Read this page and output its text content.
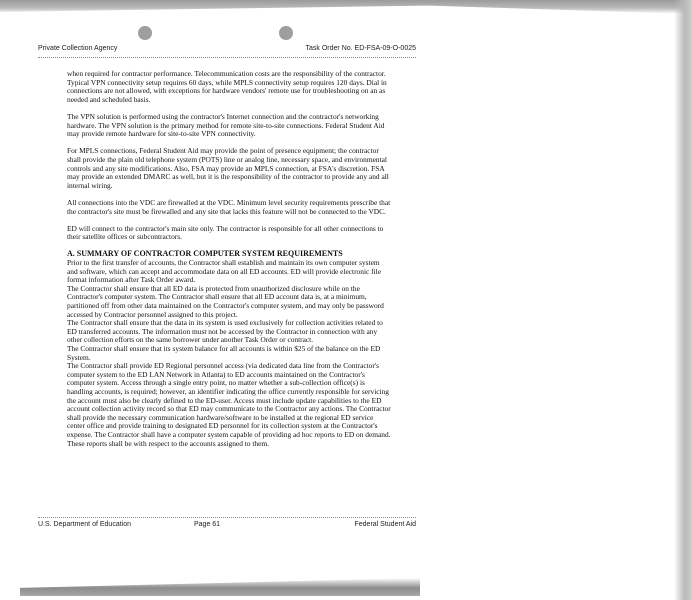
Private Collection Agency	Task Order No. ED-FSA-09-O-0025

when required for contractor performance. Telecommunication costs are the responsibility of the contractor. Typical VPN connectivity setup requires 60 days, while MPLS connectivity setup requires 120 days. Dial in connections are not allowed, with exceptions for hardware vendors' remote use for troubleshooting on an as needed and scheduled basis.

The VPN solution is performed using the contractor's Internet connection and the contractor's networking hardware. The VPN solution is the primary method for remote site-to-site connections. Federal Student Aid may provide remote hardware for site-to-site VPN connectivity.

For MPLS connections, Federal Student Aid may provide the point of presence equipment; the contractor shall provide the plain old telephone system (POTS) line or analog line, necessary space, and environmental controls and any site modifications. Also, FSA may provide an MPLS connection, at FSA's discretion. FSA may provide an extended DMARC as well, but it is the responsibility of the contractor to provide any and all internal wiring.

All connections into the VDC are firewalled at the VDC. Minimum level security requirements prescribe that the contractor's site must be firewalled and any site that lacks this feature will not be connected to the VDC.

ED will connect to the contractor's main site only. The contractor is responsible for all other connections to their satellite offices or subcontractors.

A. SUMMARY OF CONTRACTOR COMPUTER SYSTEM REQUIREMENTS
Prior to the first transfer of accounts, the Contractor shall establish and maintain its own computer system and software, which can accept and accommodate data on all ED accounts. ED will provide electronic file format information after Task Order award.
The Contractor shall ensure that all ED data is protected from unauthorized disclosure while on the Contractor's computer system. The Contractor shall ensure that all ED account data is, at a minimum, partitioned off from other data maintained on the Contractor's computer system, and may only be password accessed by Contractor personnel assigned to this project.
The Contractor shall ensure that the data in its system is used exclusively for collection activities related to ED transferred accounts. The information must not be accessed by the Contractor in connection with any other collection efforts on the same borrower under another Task Order or contract.
The Contractor shall ensure that its system balance for all accounts is within $25 of the balance on the ED System.
The Contractor shall provide ED Regional personnel access (via dedicated data line from the Contractor's computer system to the ED LAN Network in Atlanta) to ED accounts maintained on the Contractor's computer system. Access through a single entry point, no matter whether a sub-collection office(s) is handling accounts, is required; however, an identifier indicating the office currently responsible for servicing the account must also be clearly defined to the ED-user. Access must include update capabilities to the ED account collection activity record so that ED may communicate to the Contractor any actions. The Contractor shall provide the necessary communication hardware/software to be installed at the regional ED service center office and provide training to designated ED personnel for its collection system at the Contractor's expense. The Contractor shall have a computer system capable of providing ad hoc reports to ED on demand. These reports shall be with respect to the accounts assigned to them.
U.S. Department of Education	Page 61	Federal Student Aid
